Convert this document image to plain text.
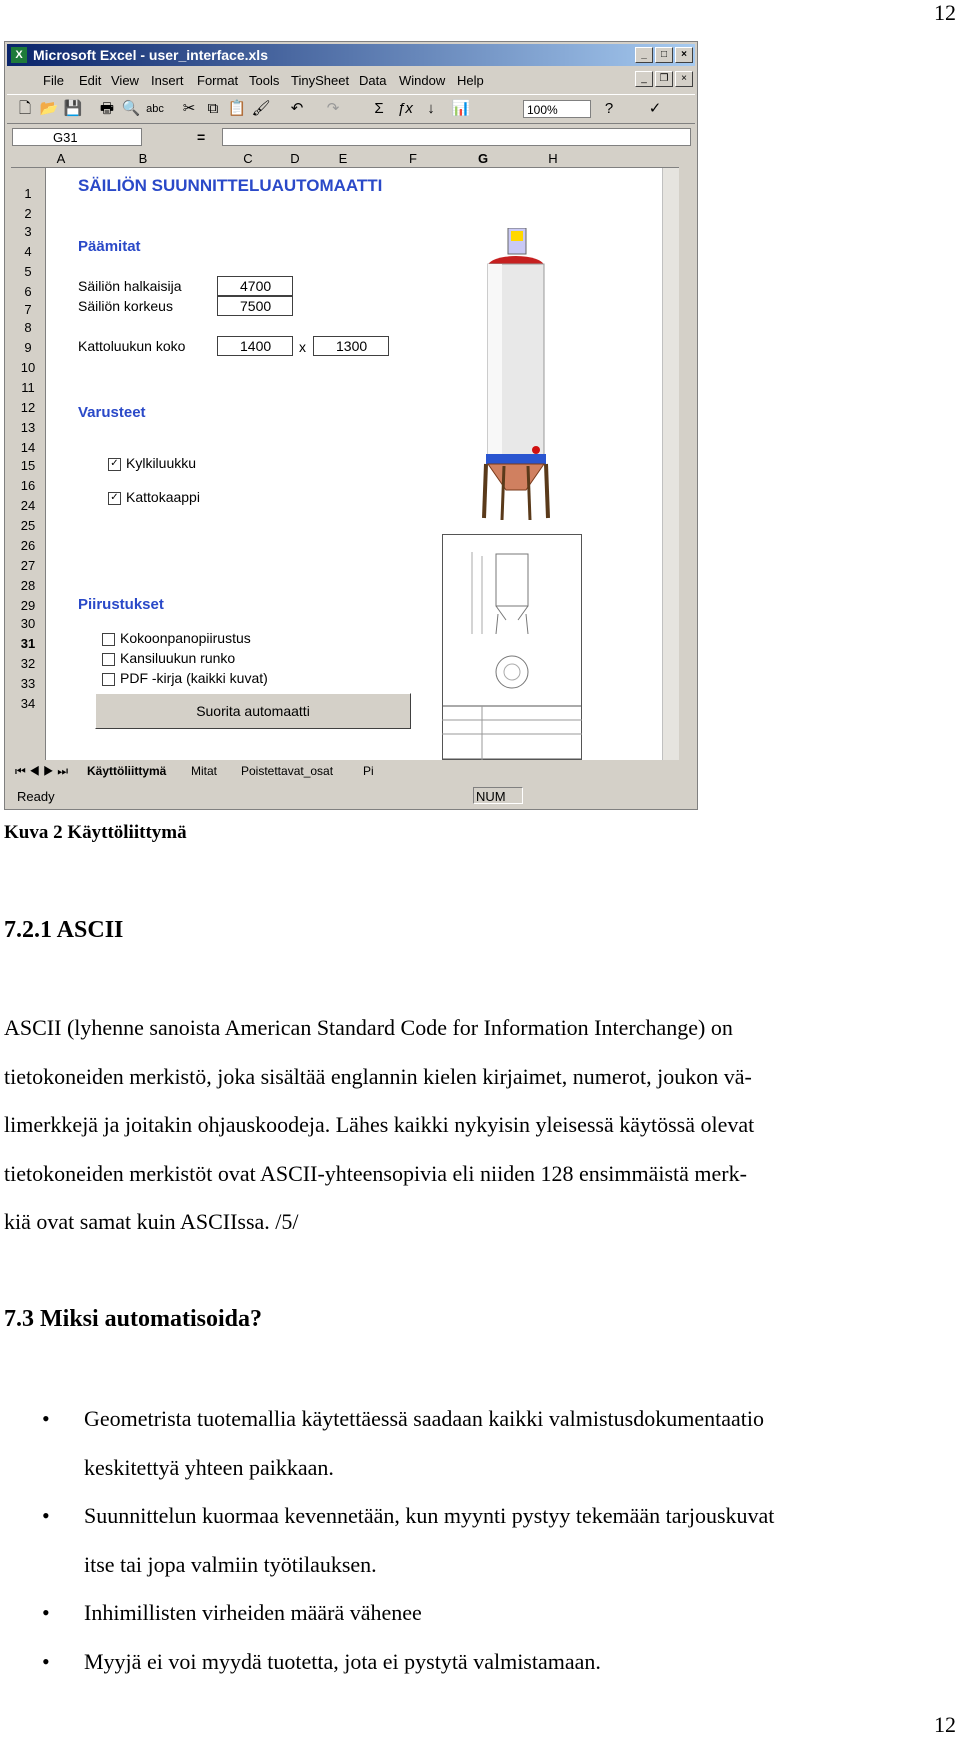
12
12
X Microsoft Excel - user_interface.xls	_	□	×
File Edit View Insert Format Tools TinySheet Data Window Help	_	❐	×
🗋 📂 💾 🖶 🔍 abc ✂ ⧉ 📋 🖌 ↶ ↷	Σ ƒx ↓	📊	100%	?	✓
G31	=
A	B	C	D	E	F	G	H
1
2
3
4
5
6
7
8
9
10
11
12
13
14
15
16
24
25
26
27
28
29
30
31
32
33
34
SÄILIÖN SUUNNITTELUAUTOMAATTI
Päämitat
Säiliön halkaisija	4700
Säiliön korkeus	7500
Kattoluukun koko	1400	x	1300
Varusteet
✓ Kylkiluukku
✓ Kattokaappi
Piirustukset
Kokoonpanopiirustus
Kansiluukun runko
PDF -kirja (kaikki kuvat)
Suorita automaatti
⏮ ◀ ▶ ⏭ Käyttöliittymä Mitat Poistettavat_osat Pi
Ready	NUM
Kuva 2 Käyttöliittymä
7.2.1 ASCII
ASCII (lyhenne sanoista American Standard Code for Information Interchange) on
tietokoneiden merkistö, joka sisältää englannin kielen kirjaimet, numerot, joukon vä-
limerkkejä ja joitakin ohjauskoodeja. Lähes kaikki nykyisin yleisessä käytössä olevat
tietokoneiden merkistöt ovat ASCII-yhteensopivia eli niiden 128 ensimmäistä merk-
kiä ovat samat kuin ASCIIssa. /5/
7.3 Miksi automatisoida?
• Geometrista tuotemallia käytettäessä saadaan kaikki valmistusdokumentaatio
keskitettyä yhteen paikkaan.
• Suunnittelun kuormaa kevennetään, kun myynti pystyy tekemään tarjouskuvat
itse tai jopa valmiin työtilauksen.
• Inhimillisten virheiden määrä vähenee
• Myyjä ei voi myydä tuotetta, jota ei pystytä valmistamaan.
